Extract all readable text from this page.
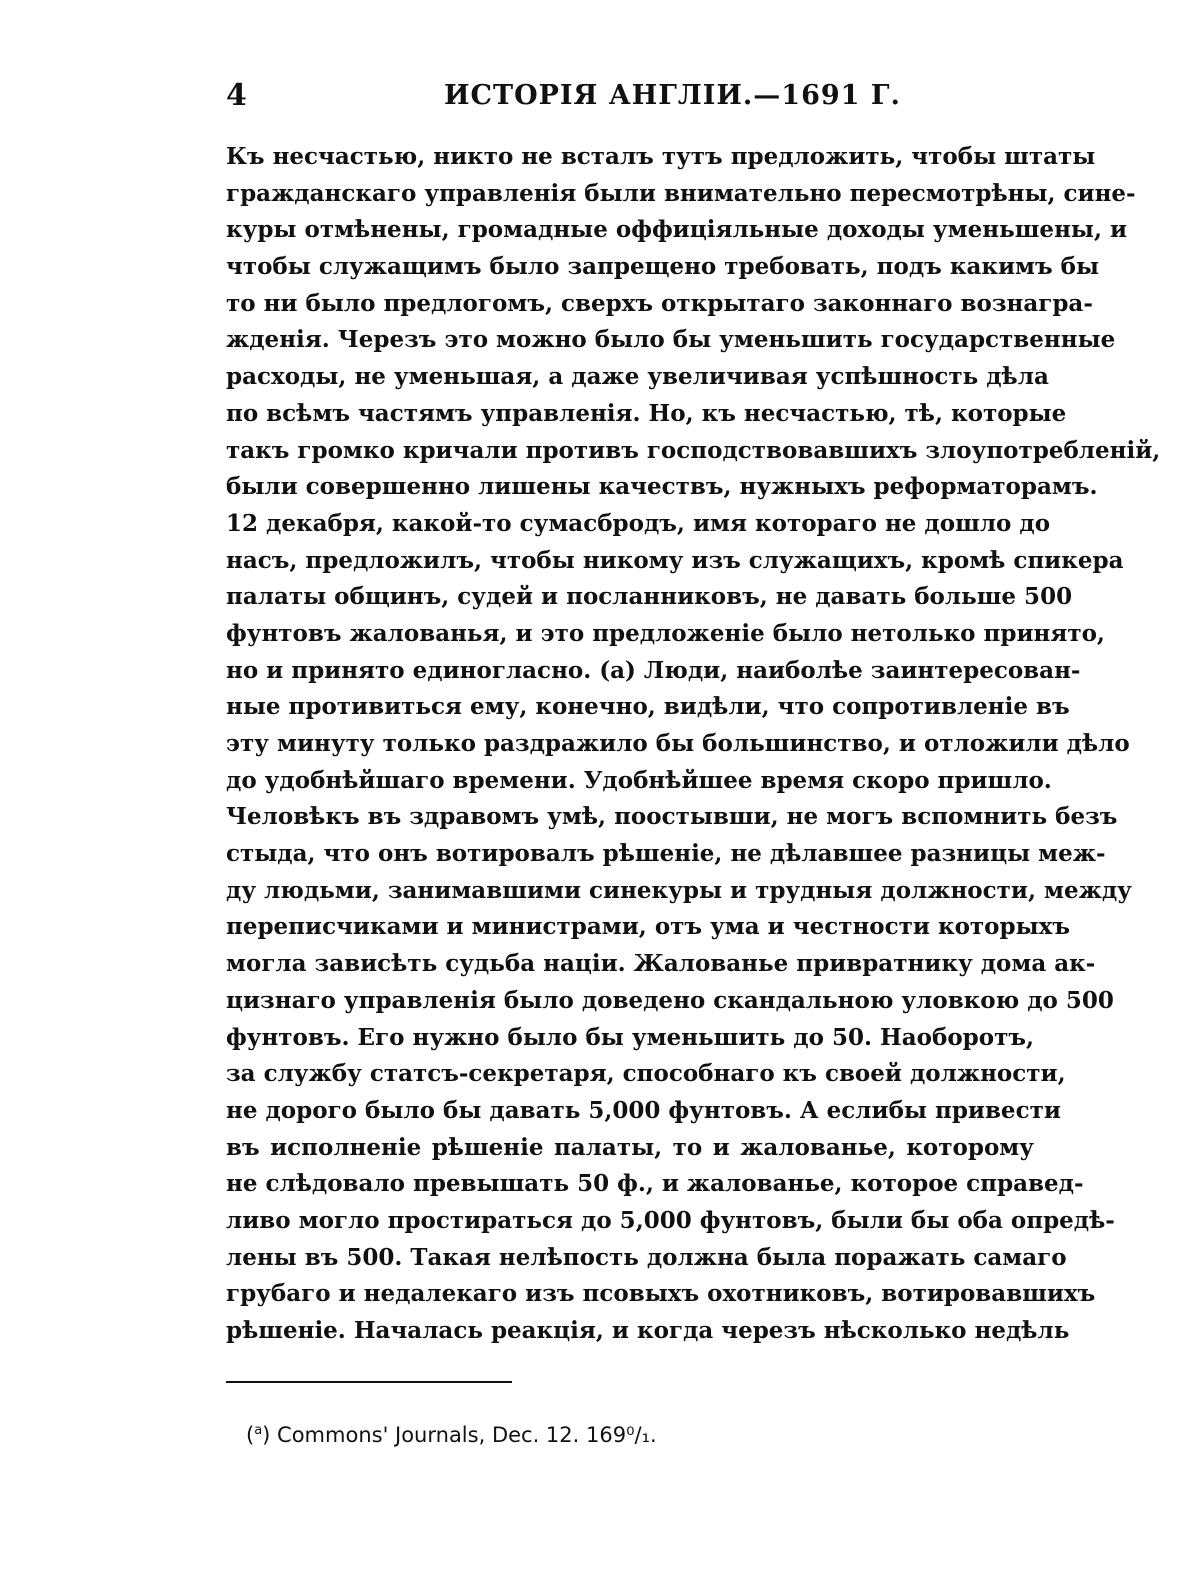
4	ИСТОРІЯ АНГЛІИ.—1691 Г.
Къ несчастью, никто не всталъ тутъ предложить, чтобы штаты
гражданскаго управленія были внимательно пересмотрѣны, сине-
куры отмѣнены, громадные оффиціяльные доходы уменьшены, и
чтобы служащимъ было запрещено требовать, подъ какимъ бы
то ни было предлогомъ, сверхъ открытаго законнаго вознагра-
жденія. Черезъ это можно было бы уменьшить государственные
расходы, не уменьшая, а даже увеличивая успѣшность дѣла
по всѣмъ частямъ управленія. Но, къ несчастью, тѣ, которые
такъ громко кричали противъ господствовавшихъ злоупотребленій,
были совершенно лишены качествъ, нужныхъ реформаторамъ.
12 декабря, какой-то сумасбродъ, имя котораго не дошло до
насъ, предложилъ, чтобы никому изъ служащихъ, кромѣ спикера
палаты общинъ, судей и посланниковъ, не давать больше 500
фунтовъ жалованья, и это предложеніе было нетолько принято,
но и принято единогласно. (а) Люди, наиболѣе заинтересован-
ные противиться ему, конечно, видѣли, что сопротивленіе въ
эту минуту только раздражило бы большинство, и отложили дѣло
до удобнѣйшаго времени. Удобнѣйшее время скоро пришло.
Человѣкъ въ здравомъ умѣ, поостывши, не могъ вспомнить безъ
стыда, что онъ вотировалъ рѣшеніе, не дѣлавшее разницы меж-
ду людьми, занимавшими синекуры и трудныя должности, между
переписчиками и министрами, отъ ума и честности которыхъ
могла зависѣть судьба націи. Жалованье привратнику дома ак-
цизнаго управленія было доведено скандальною уловкою до 500
фунтовъ. Его нужно было бы уменьшить до 50. Наоборотъ,
за службу статсъ-секретаря, способнаго къ своей должности,
не дорого было бы давать 5,000 фунтовъ. А еслибы привести
въ исполненіе рѣшеніе палаты, то и жалованье, которому
не слѣдовало превышать 50 ф., и жалованье, которое справед-
ливо могло простираться до 5,000 фунтовъ, были бы оба опредѣ-
лены въ 500. Такая нелѣпость должна была поражать самаго
грубаго и недалекаго изъ псовыхъ охотниковъ, вотировавшихъ
рѣшеніе. Началась реакція, и когда черезъ нѣсколько недѣль
($^а$) Commons' Journals, Dec. 12. 169⁰/₁.
